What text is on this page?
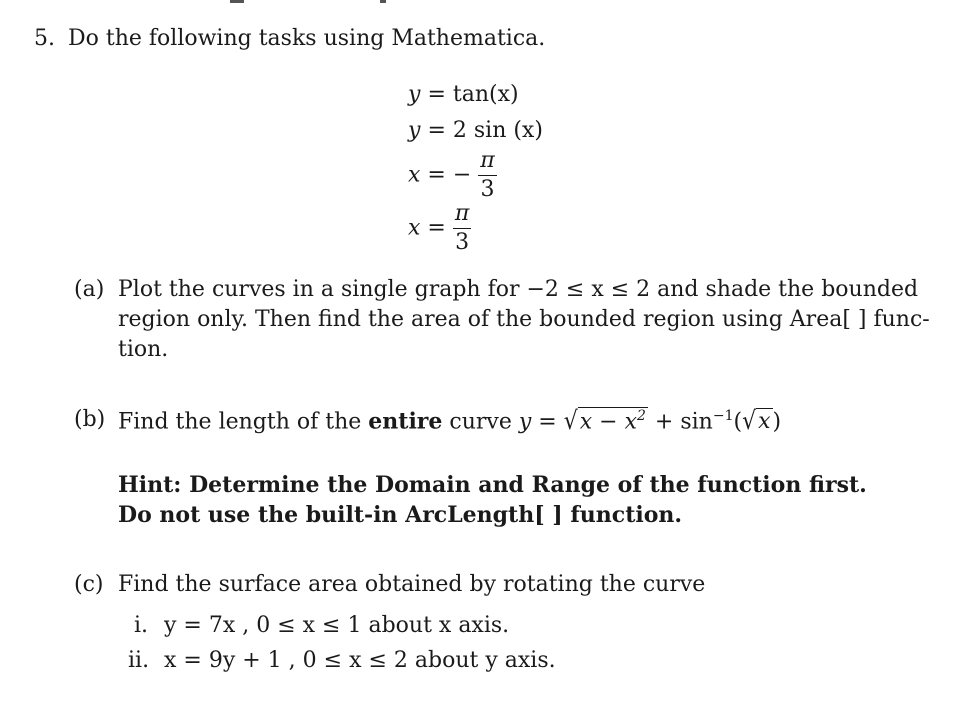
5. Do the following tasks using Mathematica.
y = tan(x)
y = 2 sin (x)
x = − $\frac{\pi}{3}$
$x = \frac{\pi}{3}$
(a) Plot the curves in a single graph for −2 ≤ x ≤ 2 and shade the bounded
region only. Then find the area of the bounded region using Area[ ] func-
tion.
(b) Find the length of the entire curve $y = √x - x^2 + \sin^{-1}(√x)$
Hint: Determine the Domain and Range of the function first.
Do not use the built-in ArcLength[ ] function.
(c) Find the surface area obtained by rotating the curve
i. y = 7x , 0 ≤ x ≤ 1 about x axis.
ii. x = 9y + 1 , 0 ≤ x ≤ 2 about y axis.
